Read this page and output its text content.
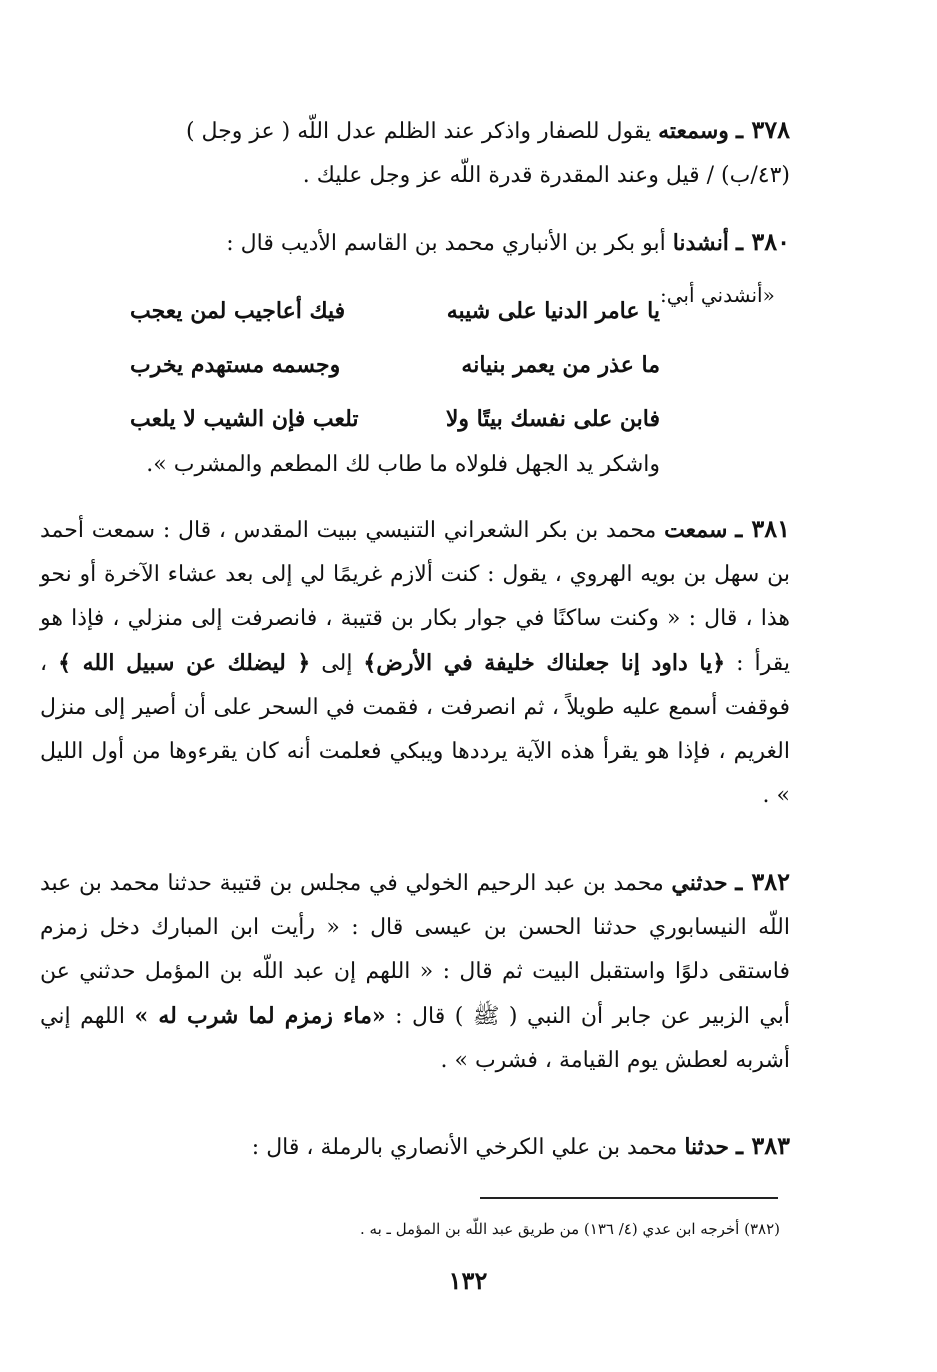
٣٧٨ ـ وسمعته يقول للصفار واذكر عند الظلم عدل اللّه ( عز وجل )

(٤٣/ب) / قيل وعند المقدرة قدرة اللّه عز وجل عليك .

٣٨٠ ـ أنشدنا أبو بكر بن الأنباري محمد بن القاسم الأديب قال :

«أنشدني أبي:
يا عامر الدنيا على شيبه
فيك أعاجيب لمن يعجب
ما عذر من يعمر بنيانه
وجسمه مستهدم يخرب
فابن على نفسك بيتًا ولا
تلعب فإن الشيب لا يلعب
واشكر يد الجهل فلولاه ما طاب لك المطعم والمشرب ».

٣٨١ ـ سمعت محمد بن بكر الشعراني التنيسي ببيت المقدس ، قال : سمعت أحمد بن سهل بن بويه الهروي ، يقول : كنت ألازم غريمًا لي إلى بعد عشاء الآخرة أو نحو هذا ، قال : « وكنت ساكنًا في جوار بكار بن قتيبة ، فانصرفت إلى منزلي ، فإذا هو يقرأ : ﴿يا داود إنا جعلناك خليفة في الأرض﴾ إلى ﴿ ليضلك عن سبيل الله ﴾ ، فوقفت أسمع عليه طويلاً ، ثم انصرفت ، فقمت في السحر على أن أصير إلى منزل الغريم ، فإذا هو يقرأ هذه الآية يرددها ويبكي فعلمت أنه كان يقرءوها من أول الليل » .

٣٨٢ ـ حدثني محمد بن عبد الرحيم الخولي في مجلس بن قتيبة حدثنا محمد بن عبد اللّه النيسابوري حدثنا الحسن بن عيسى قال : « رأيت ابن المبارك دخل زمزم فاستقى دلوًا واستقبل البيت ثم قال : « اللهم إن عبد اللّه بن المؤمل حدثني عن أبي الزبير عن جابر أن النبي ( ﷺ ) قال : «ماء زمزم لما شرب له » اللهم إني أشربه لعطش يوم القيامة ، فشرب » .

٣٨٣ ـ حدثنا محمد بن علي الكرخي الأنصاري بالرملة ، قال :

(٣٨٢) أخرجه ابن عدي (٤/ ١٣٦) من طريق عبد اللّه بن المؤمل ـ به .
١٣٢
